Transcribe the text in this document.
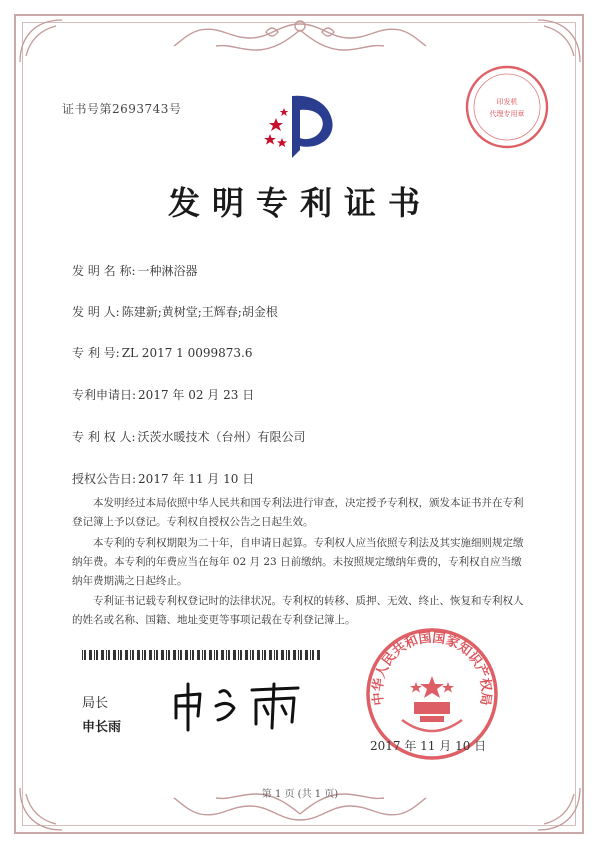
证书号第2693743号	印发机
代理专用章
发明专利证书
发 明 名 称: 一种淋浴器
发 明 人: 陈建新;黄树堂;王辉春;胡金根
专 利 号: ZL 2017 1 0099873.6
专利申请日: 2017 年 02 月 23 日
专 利 权 人: 沃茨水暖技术（台州）有限公司
授权公告日: 2017 年 11 月 10 日

本发明经过本局依照中华人民共和国专利法进行审查，决定授予专利权，颁发本证书并在专利登记簿上予以登记。专利权自授权公告之日起生效。

本专利的专利权期限为二十年，自申请日起算。专利权人应当依照专利法及其实施细则规定缴纳年费。本专利的年费应当在每年 02 月 23 日前缴纳。未按照规定缴纳年费的，专利权自应当缴纳年费期满之日起终止。

专利证书记载专利权登记时的法律状况。专利权的转移、质押、无效、终止、恢复和专利权人的姓名或名称、国籍、地址变更等事项记载在专利登记簿上。

中华人民共和国国家知识产权局
2017 年 11 月 10 日
局长
申长雨
第 1 页 (共 1 页)
